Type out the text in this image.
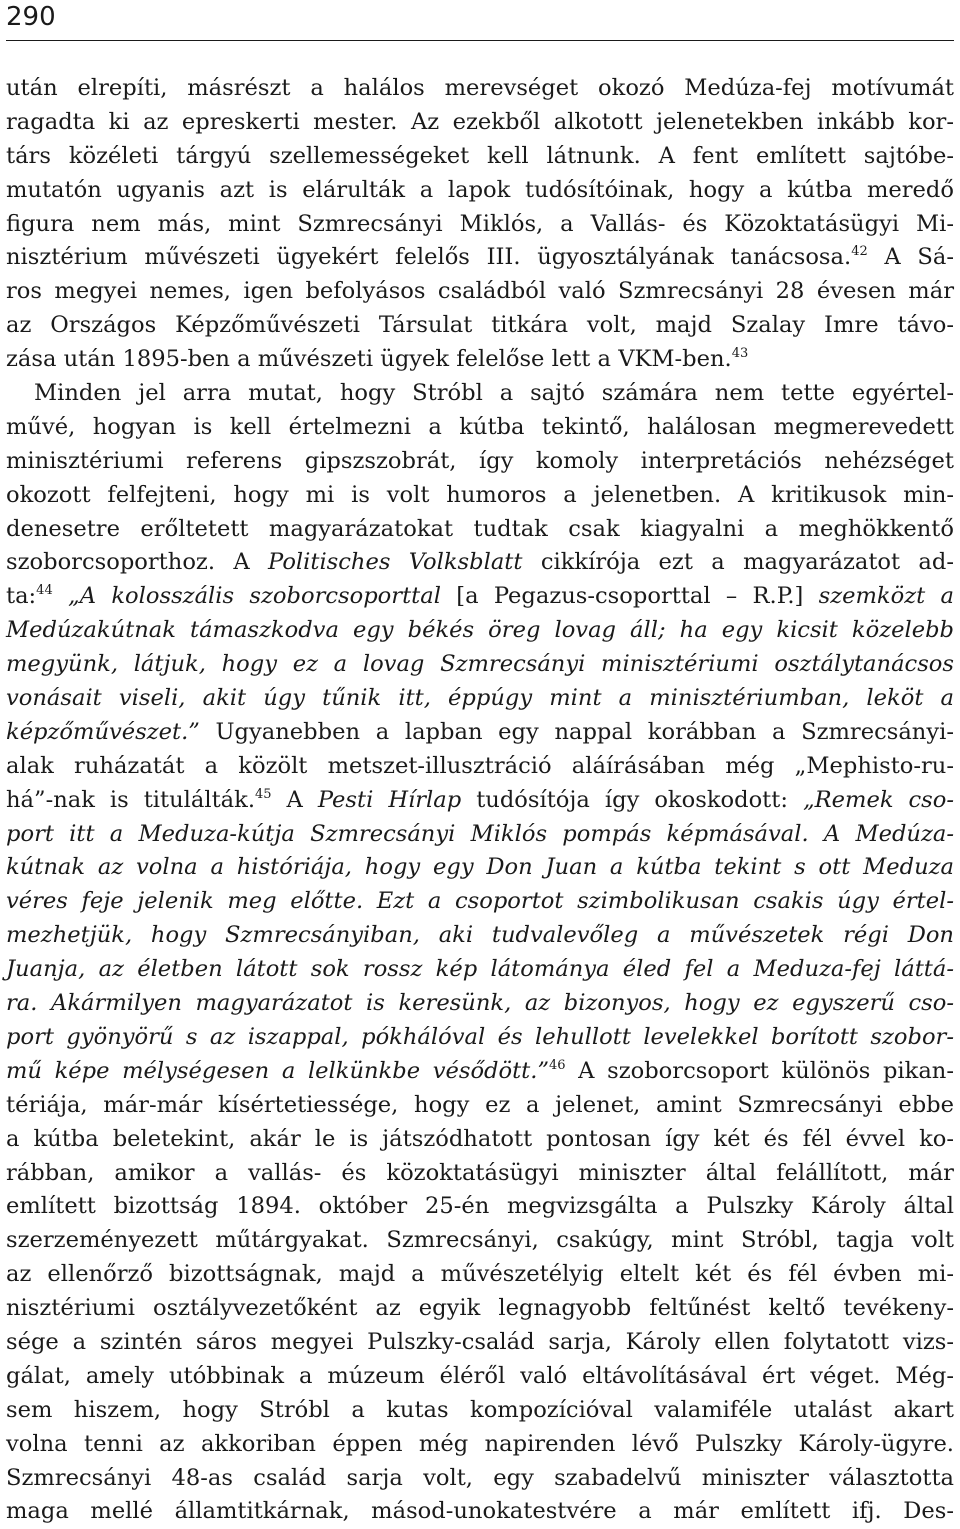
290
után elrepíti, másrészt a halálos merevséget okozó Medúza-fej motívumát
ragadta ki az epreskerti mester. Az ezekből alkotott jelenetekben inkább kor-
társ közéleti tárgyú szellemességeket kell látnunk. A fent említett sajtóbe-
mutatón ugyanis azt is elárulták a lapok tudósítóinak, hogy a kútba meredő
figura nem más, mint Szmrecsányi Miklós, a Vallás- és Közoktatásügyi Mi-
nisztérium művészeti ügyekért felelős III. ügyosztályának tanácsosa.$^{42}$ A Sá-
ros megyei nemes, igen befolyásos családból való Szmrecsányi 28 évesen már
az Országos Képzőművészeti Társulat titkára volt, majd Szalay Imre távo-
zása után 1895-ben a művészeti ügyek felelőse lett a VKM-ben.$^{43}$
Minden jel arra mutat, hogy Stróbl a sajtó számára nem tette egyértel-
művé, hogyan is kell értelmezni a kútba tekintő, halálosan megmerevedett
minisztériumi referens gipszszobrát, így komoly interpretációs nehézséget
okozott felfejteni, hogy mi is volt humoros a jelenetben. A kritikusok min-
denesetre erőltetett magyarázatokat tudtak csak kiagyalni a meghökkentő
szoborcsoporthoz. A Politisches Volksblatt cikkírója ezt a magyarázatot ad-
ta:$^{44}$ „A kolosszális szoborcsoporttal [a Pegazus-csoporttal – R.P.] szemközt a
Medúzakútnak támaszkodva egy békés öreg lovag áll; ha egy kicsit közelebb
megyünk, látjuk, hogy ez a lovag Szmrecsányi minisztériumi osztálytanácsos
vonásait viseli, akit úgy tűnik itt, éppúgy mint a minisztériumban, leköt a
képzőművészet.” Ugyanebben a lapban egy nappal korábban a Szmrecsányi-
alak ruházatát a közölt metszet-illusztráció aláírásában még „Mephisto-ru-
há”-nak is titulálták.$^{45}$ A Pesti Hírlap tudósítója így okoskodott: „Remek cso-
port itt a Meduza-kútja Szmrecsányi Miklós pompás képmásával. A Medúza-
kútnak az volna a históriája, hogy egy Don Juan a kútba tekint s ott Meduza
véres feje jelenik meg előtte. Ezt a csoportot szimbolikusan csakis úgy értel-
mezhetjük, hogy Szmrecsányiban, aki tudvalevőleg a művészetek régi Don
Juanja, az életben látott sok rossz kép látománya éled fel a Meduza-fej láttá-
ra. Akármilyen magyarázatot is keresünk, az bizonyos, hogy ez egyszerű cso-
port gyönyörű s az iszappal, pókhálóval és lehullott levelekkel borított szobor-
mű képe mélységesen a lelkünkbe vésődött.”$^{46}$ A szoborcsoport különös pikan-
tériája, már-már kísértetiessége, hogy ez a jelenet, amint Szmrecsányi ebbe
a kútba beletekint, akár le is játszódhatott pontosan így két és fél évvel ko-
rábban, amikor a vallás- és közoktatásügyi miniszter által felállított, már
említett bizottság 1894. október 25-én megvizsgálta a Pulszky Károly által
szerzeményezett műtárgyakat. Szmrecsányi, csakúgy, mint Stróbl, tagja volt
az ellenőrző bizottságnak, majd a művészetélyig eltelt két és fél évben mi-
nisztériumi osztályvezetőként az egyik legnagyobb feltűnést keltő tevékeny-
sége a szintén sáros megyei Pulszky-család sarja, Károly ellen folytatott vizs-
gálat, amely utóbbinak a múzeum éléről való eltávolításával ért véget. Még-
sem hiszem, hogy Stróbl a kutas kompozícióval valamiféle utalást akart
volna tenni az akkoriban éppen még napirenden lévő Pulszky Károly-ügyre.
Szmrecsányi 48-as család sarja volt, egy szabadelvű miniszter választotta
maga mellé államtitkárnak, másod-unokatestvére a már említett ifj. Des-
